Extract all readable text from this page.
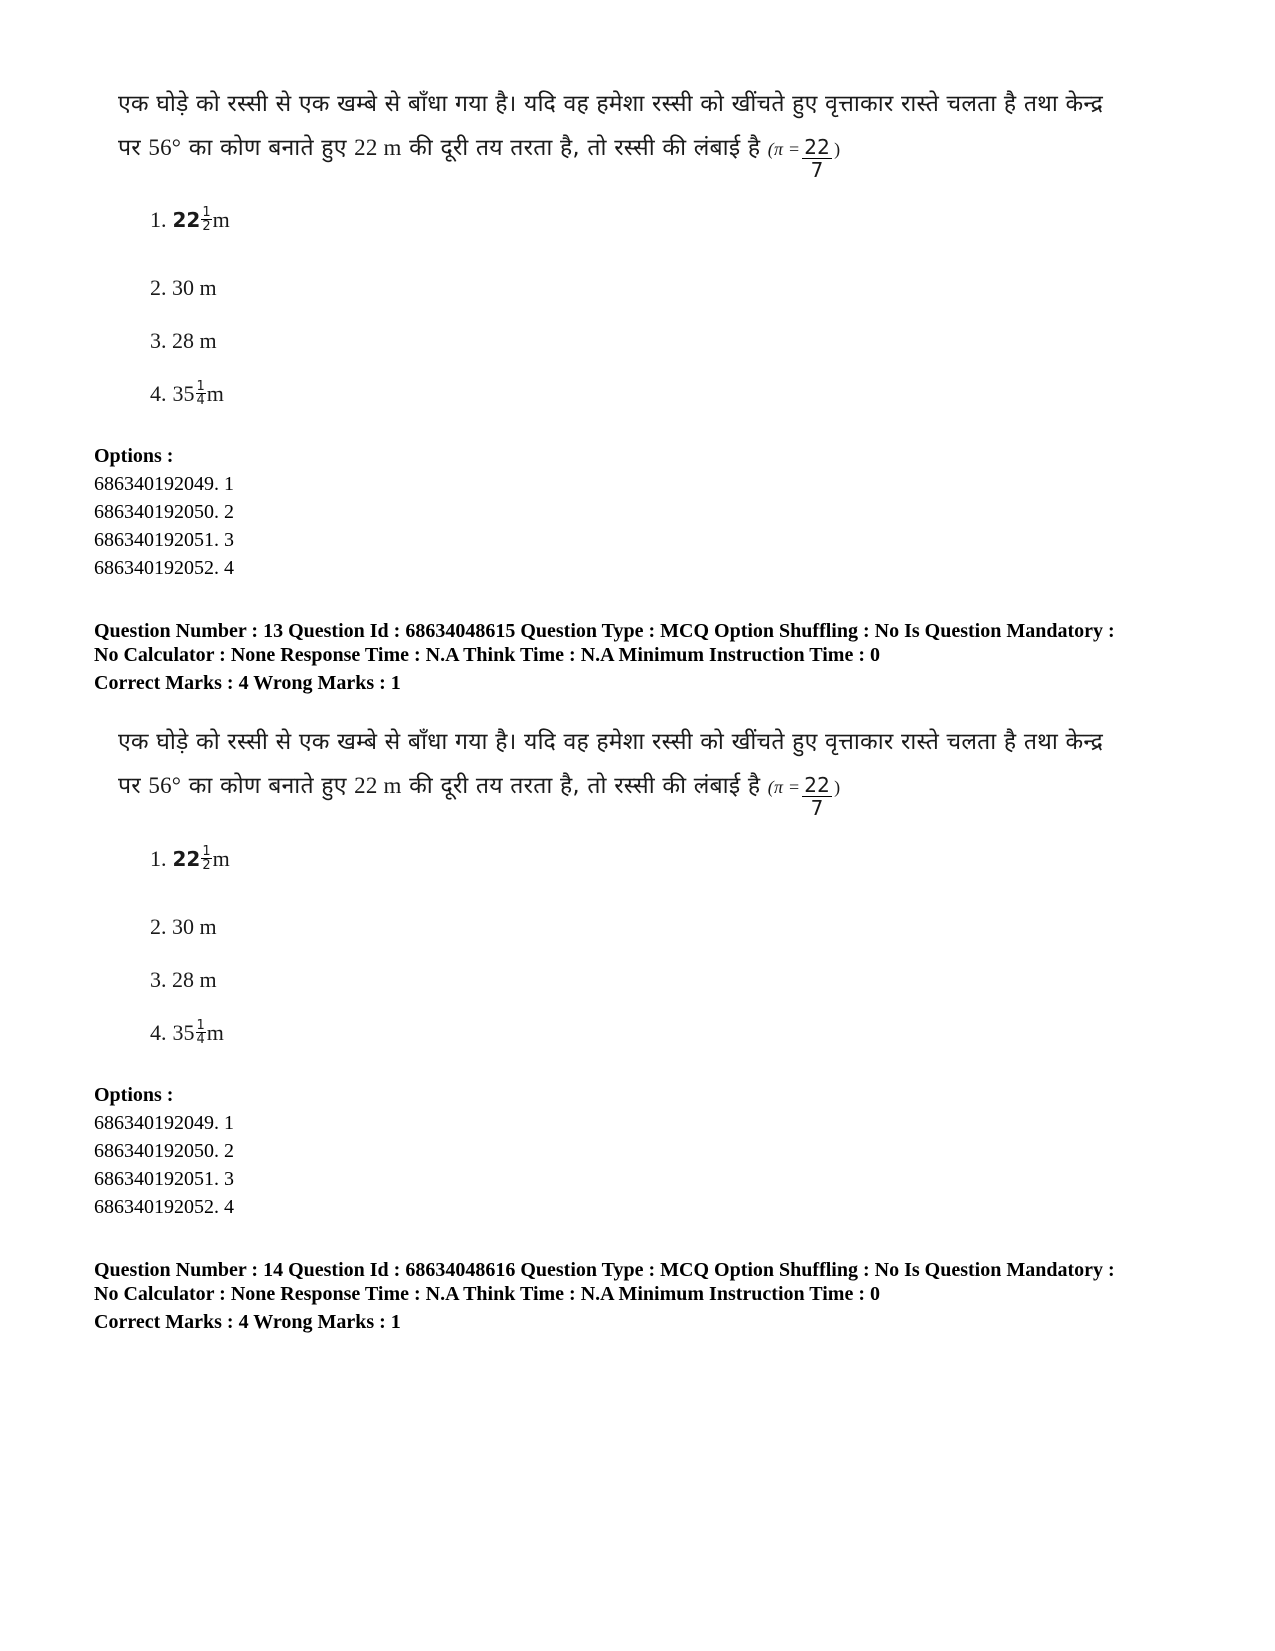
एक घोड़े को रस्सी से एक खम्बे से बाँधा गया है। यदि वह हमेशा रस्सी को खींचते हुए वृत्ताकार रास्ते चलता है तथा केन्द्र
पर 56° का कोण बनाते हुए 22 m की दूरी तय तरता है, तो रस्सी की लंबाई है ($\pi = \frac{22}{7}$ )
1. $22 \frac{1}{2}$ m
2. 30 m
3. 28 m
4. $35 \frac{1}{4}$ m
Options :
686340192049. 1
686340192050. 2
686340192051. 3
686340192052. 4
Question Number : 13 Question Id : 68634048615 Question Type : MCQ Option Shuffling : No Is Question Mandatory :
No Calculator : None Response Time : N.A Think Time : N.A Minimum Instruction Time : 0
Correct Marks : 4 Wrong Marks : 1
एक घोड़े को रस्सी से एक खम्बे से बाँधा गया है। यदि वह हमेशा रस्सी को खींचते हुए वृत्ताकार रास्ते चलता है तथा केन्द्र
पर 56° का कोण बनाते हुए 22 m की दूरी तय तरता है, तो रस्सी की लंबाई है ($\pi = \frac{22}{7}$ )
1. $22 \frac{1}{2}$ m
2. 30 m
3. 28 m
4. $35 \frac{1}{4}$ m
Options :
686340192049. 1
686340192050. 2
686340192051. 3
686340192052. 4
Question Number : 14 Question Id : 68634048616 Question Type : MCQ Option Shuffling : No Is Question Mandatory :
No Calculator : None Response Time : N.A Think Time : N.A Minimum Instruction Time : 0
Correct Marks : 4 Wrong Marks : 1
